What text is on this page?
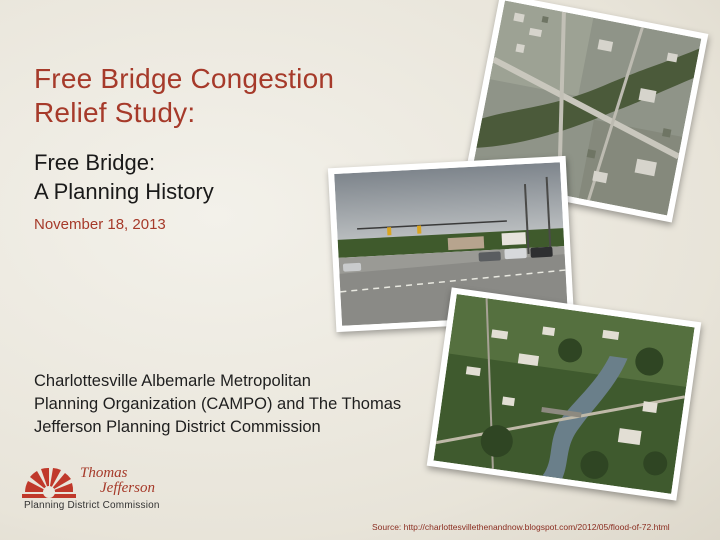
Free Bridge Congestion
Relief Study:
Free Bridge:
A Planning History
November 18, 2013
Charlottesville Albemarle Metropolitan
Planning Organization (CAMPO) and The Thomas
Jefferson Planning District Commission
Thomas
Jefferson
Planning District Commission
Source: http://charlottesvillethenandnow.blogspot.com/2012/05/flood-of-72.html
